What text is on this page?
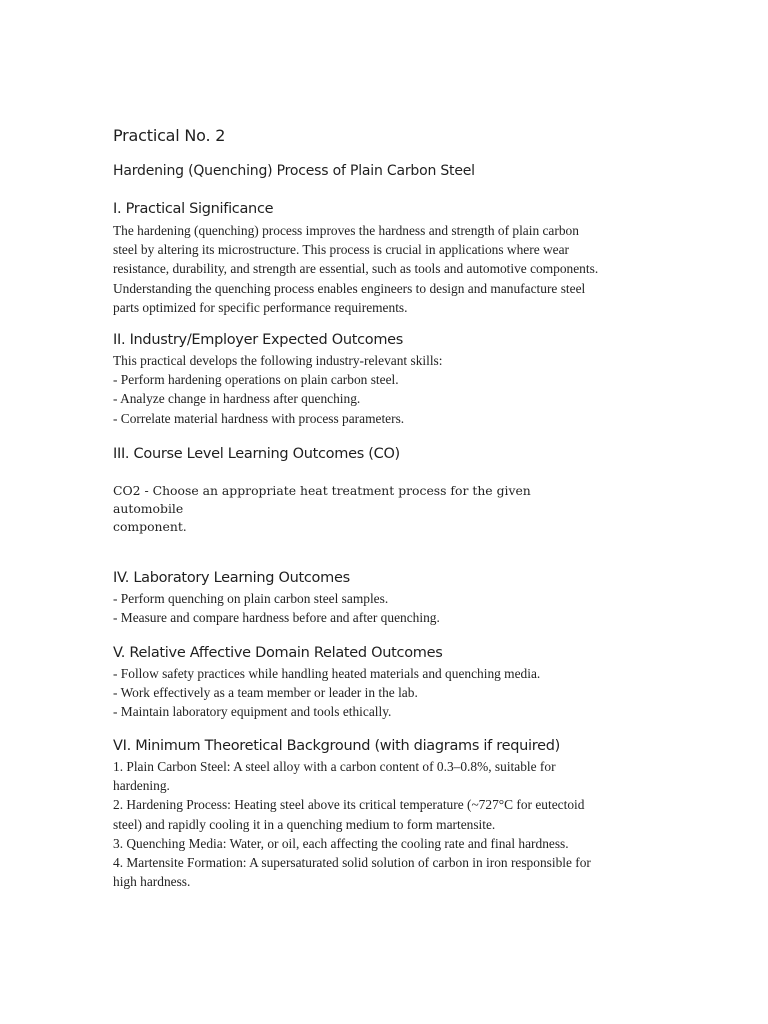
Practical No. 2
Hardening (Quenching) Process of Plain Carbon Steel
I. Practical Significance

The hardening (quenching) process improves the hardness and strength of plain carbon

steel by altering its microstructure. This process is crucial in applications where wear

resistance, durability, and strength are essential, such as tools and automotive components.

Understanding the quenching process enables engineers to design and manufacture steel

parts optimized for specific performance requirements.

II. Industry/Employer Expected Outcomes

This practical develops the following industry-relevant skills:

- Perform hardening operations on plain carbon steel.

- Analyze change in hardness after quenching.

- Correlate material hardness with process parameters.

III. Course Level Learning Outcomes (CO)

CO2 - Choose an appropriate heat treatment process for the given automobile

component.

IV. Laboratory Learning Outcomes

- Perform quenching on plain carbon steel samples.

- Measure and compare hardness before and after quenching.

V. Relative Affective Domain Related Outcomes

- Follow safety practices while handling heated materials and quenching media.

- Work effectively as a team member or leader in the lab.

- Maintain laboratory equipment and tools ethically.

VI. Minimum Theoretical Background (with diagrams if required)

1. Plain Carbon Steel: A steel alloy with a carbon content of 0.3–0.8%, suitable for

hardening.

2. Hardening Process: Heating steel above its critical temperature (~727°C for eutectoid

steel) and rapidly cooling it in a quenching medium to form martensite.

3. Quenching Media: Water, or oil, each affecting the cooling rate and final hardness.

4. Martensite Formation: A supersaturated solid solution of carbon in iron responsible for

high hardness.
